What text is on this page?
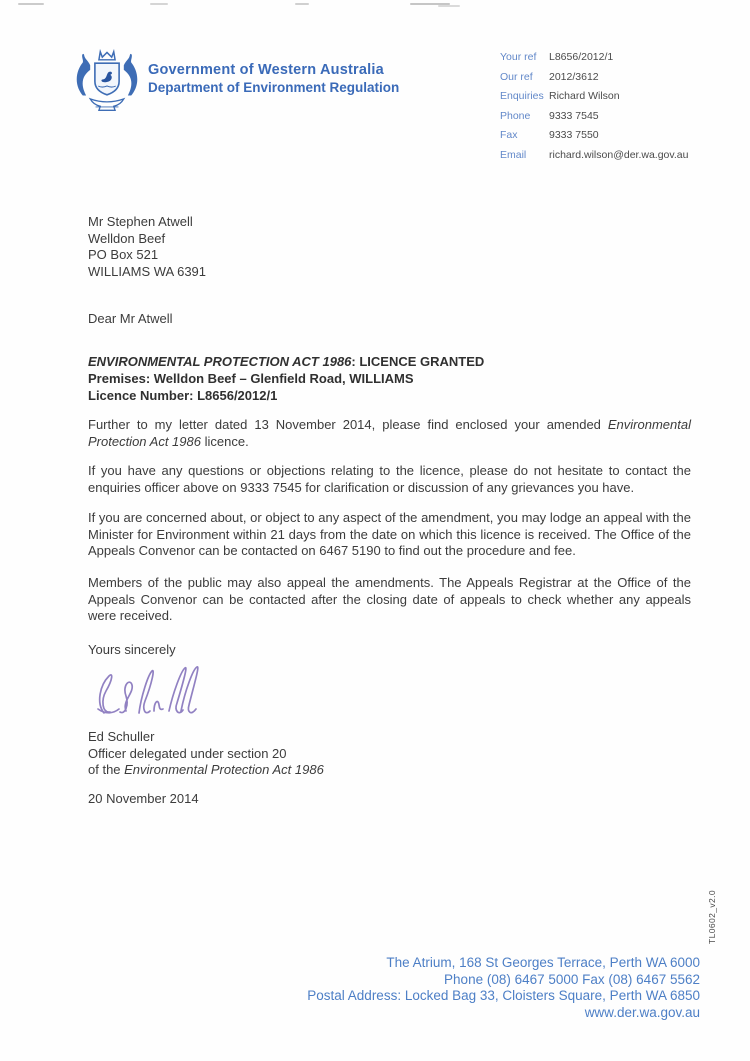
Government of Western Australia
Department of Environment Regulation
Your ref	L8656/2012/1
Our ref	2012/3612
Enquiries Richard Wilson
Phone	9333 7545
Fax	9333 7550
Email	richard.wilson@der.wa.gov.au
Mr Stephen Atwell
Welldon Beef
PO Box 521
WILLIAMS WA 6391
Dear Mr Atwell
ENVIRONMENTAL PROTECTION ACT 1986: LICENCE GRANTED
Premises: Welldon Beef – Glenfield Road, WILLIAMS
Licence Number: L8656/2012/1
Further to my letter dated 13 November 2014, please find enclosed your amended Environmental Protection Act 1986 licence.
If you have any questions or objections relating to the licence, please do not hesitate to contact the enquiries officer above on 9333 7545 for clarification or discussion of any grievances you have.
If you are concerned about, or object to any aspect of the amendment, you may lodge an appeal with the Minister for Environment within 21 days from the date on which this licence is received. The Office of the Appeals Convenor can be contacted on 6467 5190 to find out the procedure and fee.
Members of the public may also appeal the amendments. The Appeals Registrar at the Office of the Appeals Convenor can be contacted after the closing date of appeals to check whether any appeals were received.
Yours sincerely
Ed Schuller
Officer delegated under section 20
of the Environmental Protection Act 1986
20 November 2014
TL0602_v2.0
The Atrium, 168 St Georges Terrace, Perth WA 6000
Phone (08) 6467 5000 Fax (08) 6467 5562
Postal Address: Locked Bag 33, Cloisters Square, Perth WA 6850
www.der.wa.gov.au
